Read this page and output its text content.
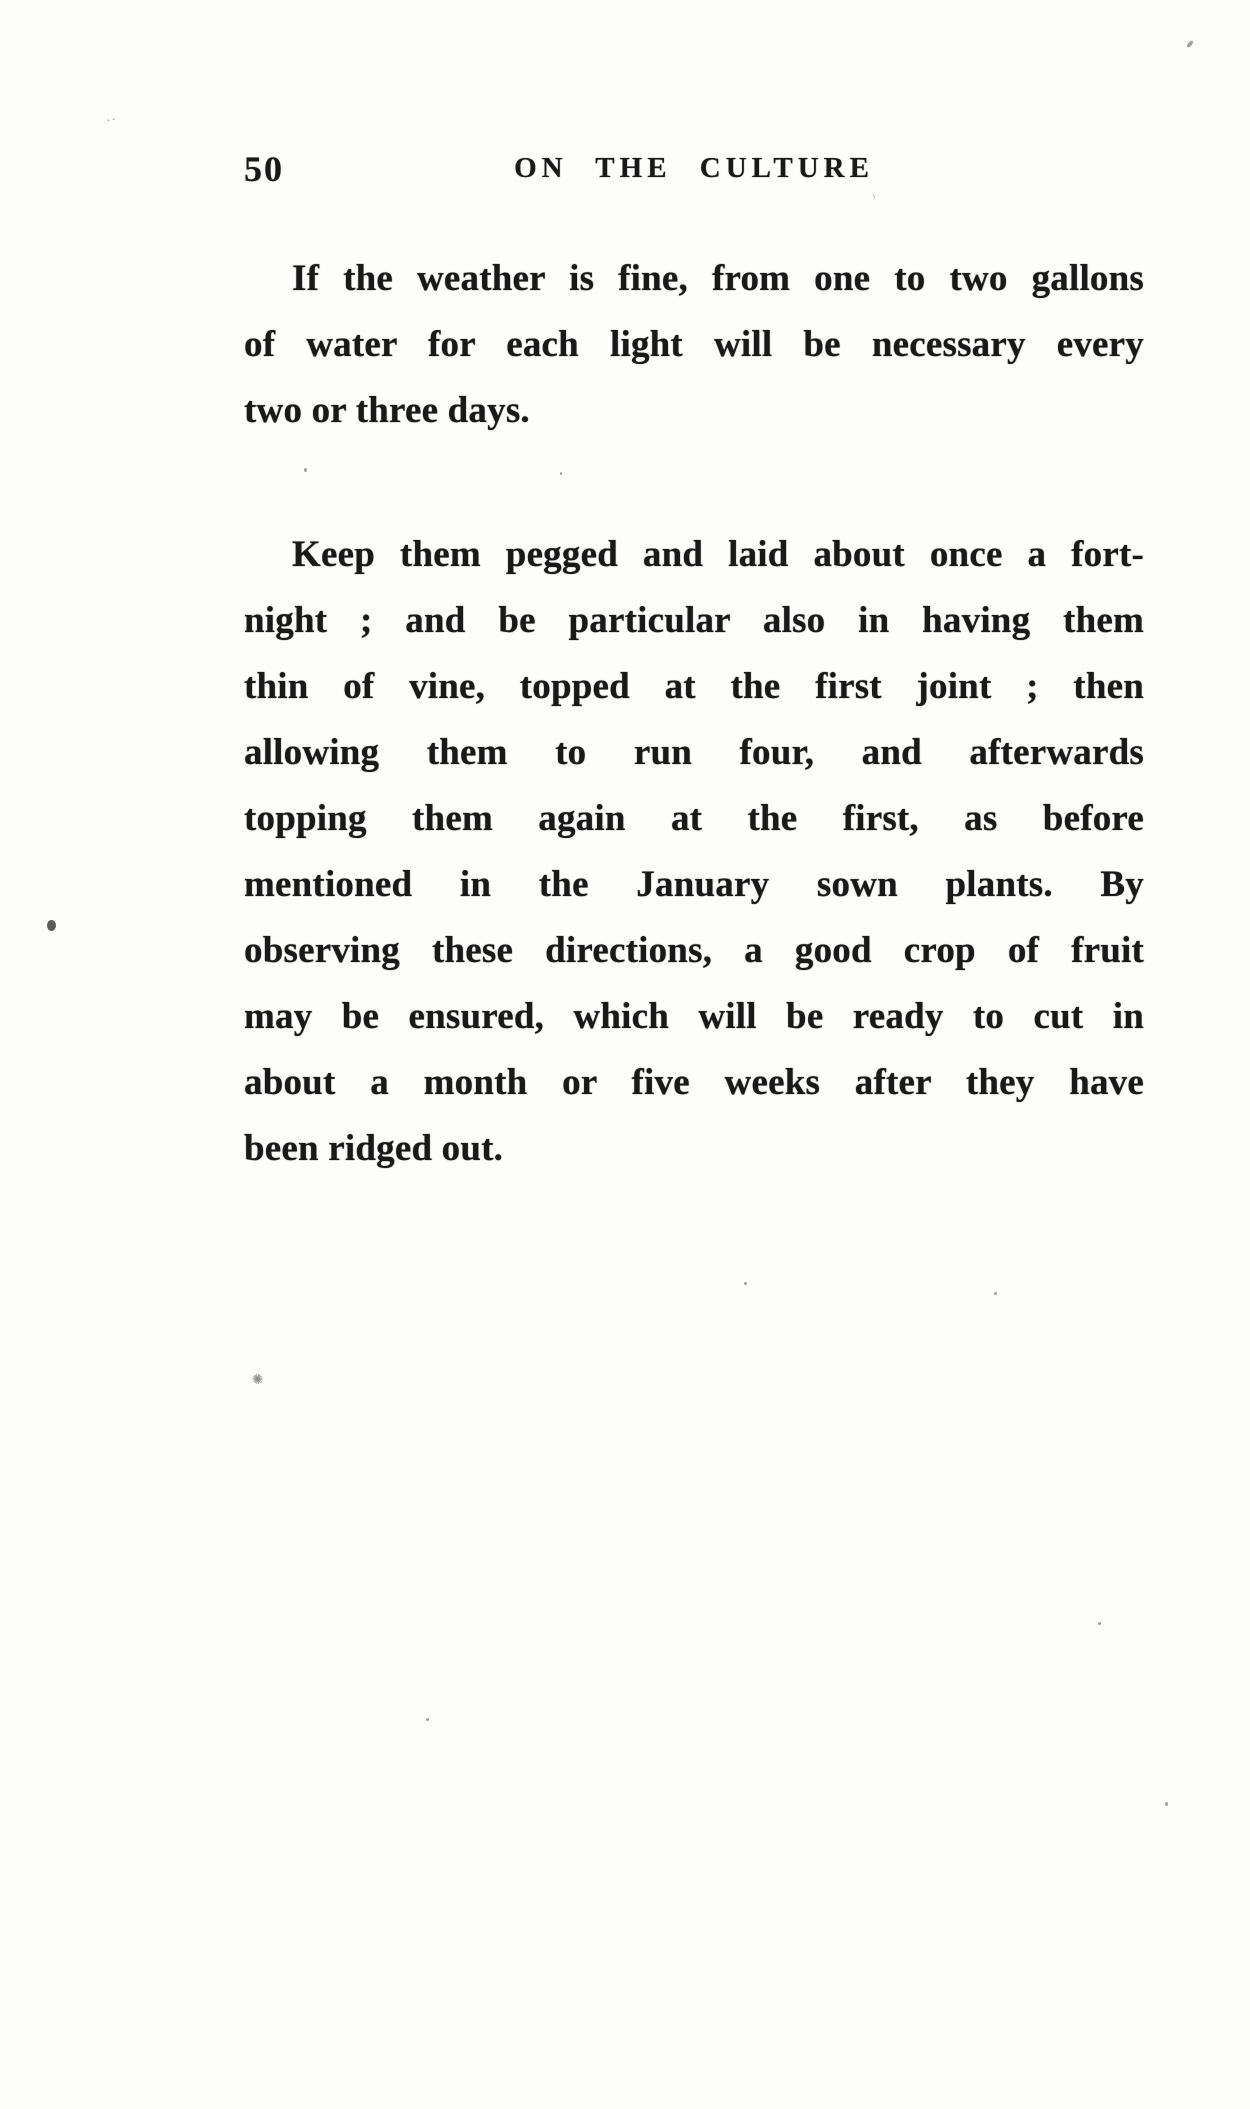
50	ON THE CULTURE
If the weather is fine, from one to two gallons
of water for each light will be necessary every
two or three days.
Keep them pegged and laid about once a fort-
night ; and be particular also in having them
thin of vine, topped at the first joint ; then
allowing them to run four, and afterwards
topping them again at the first, as before
mentioned in the January sown plants. By
observing these directions, a good crop of fruit
may be ensured, which will be ready to cut in
about a month or five weeks after they have
been ridged out.
··
ʾ
✺
